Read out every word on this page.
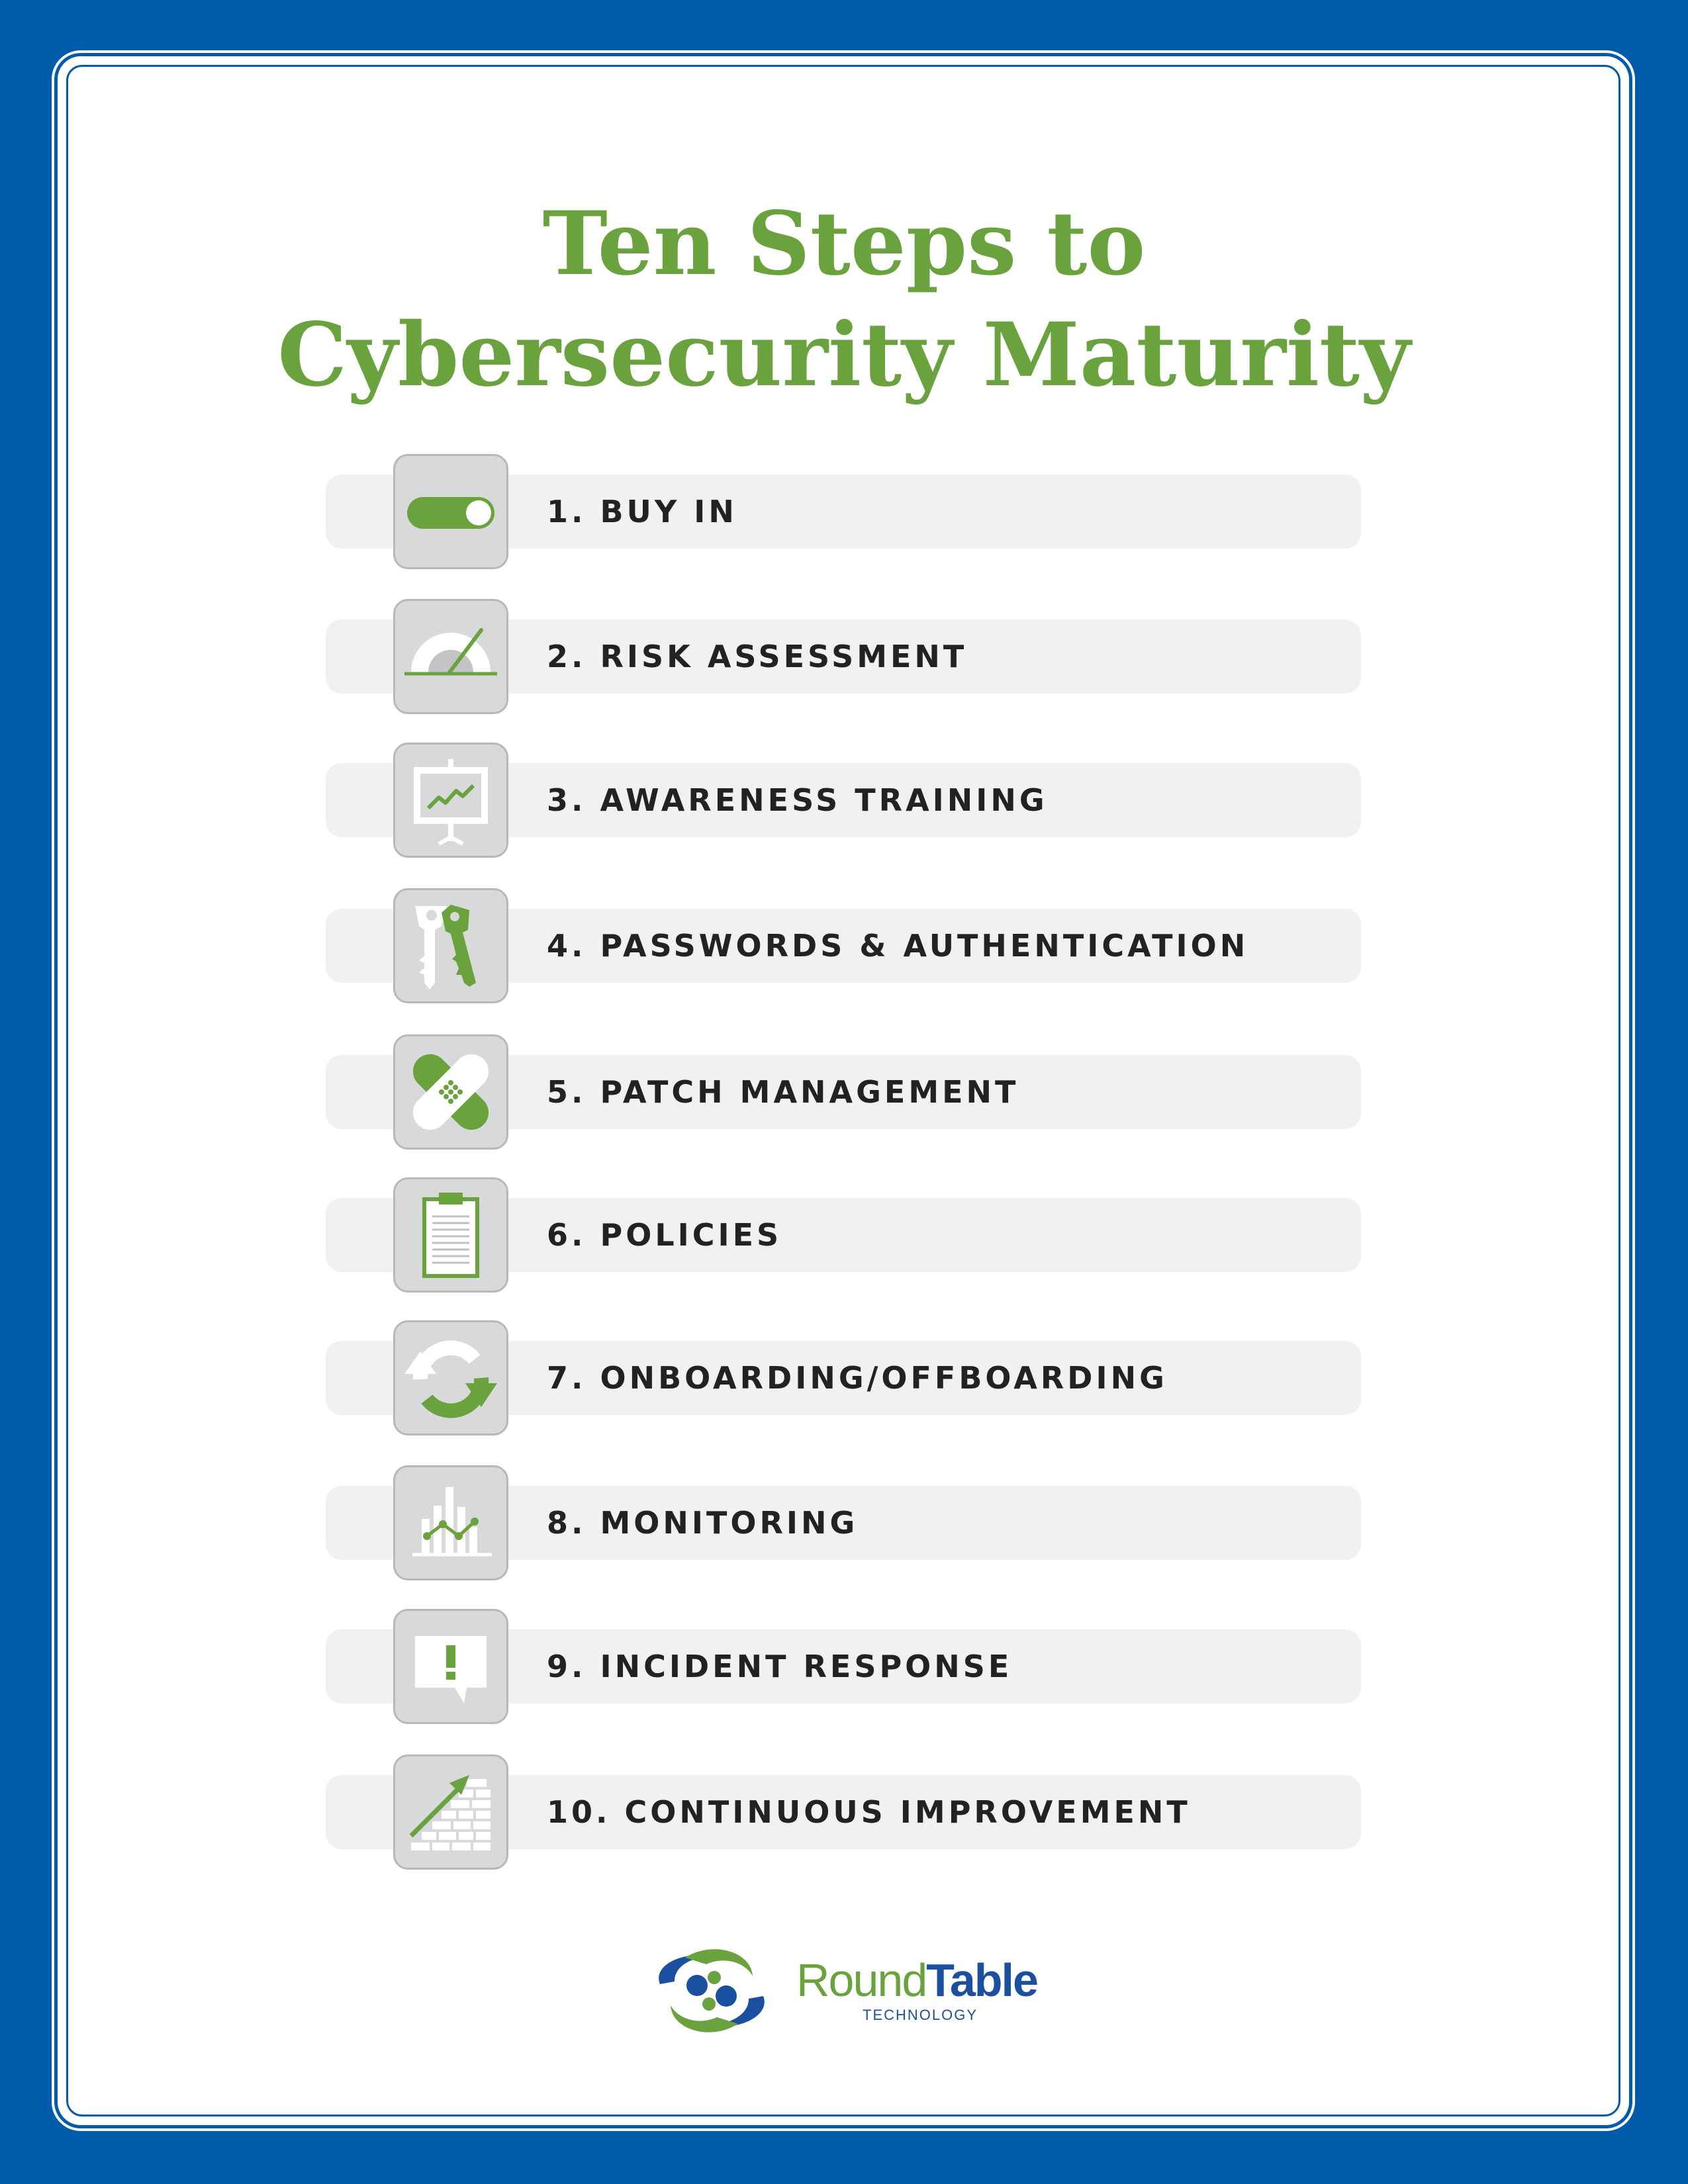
Ten Steps to
Cybersecurity Maturity
1. BUY IN
2. RISK ASSESSMENT
3. AWARENESS TRAINING
4. PASSWORDS & AUTHENTICATION
5. PATCH MANAGEMENT
6. POLICIES
7. ONBOARDING/OFFBOARDING
8. MONITORING
9. INCIDENT RESPONSE
10. CONTINUOUS IMPROVEMENT
RoundTable
TECHNOLOGY
